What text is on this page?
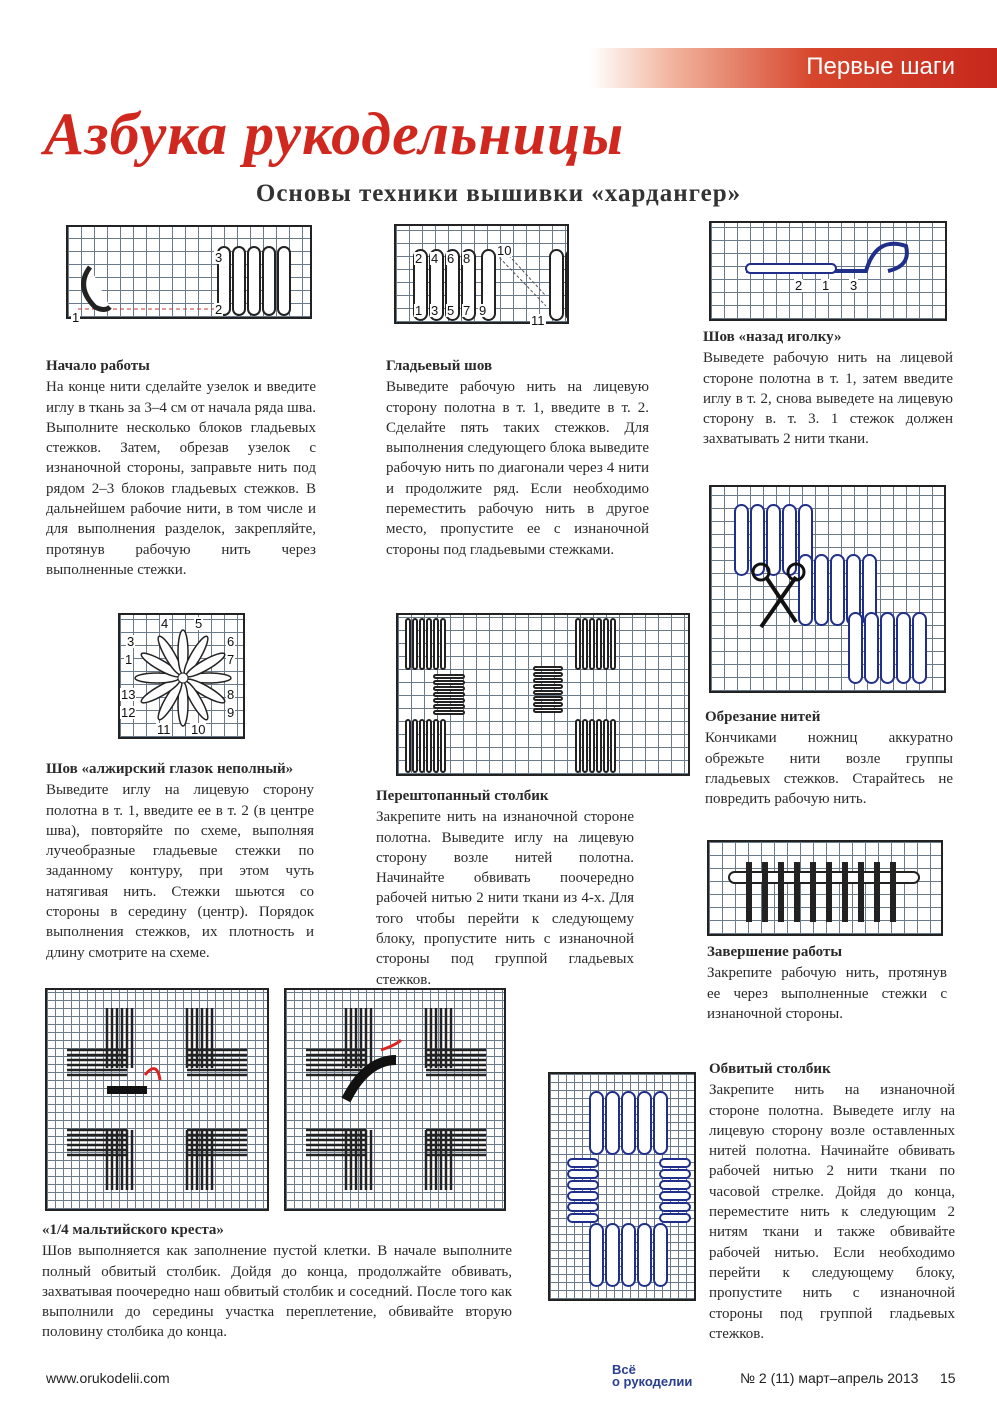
Первые шаги
Азбука рукодельницы
Основы техники вышивки «хардангер»
1
2
3	2 4 6 8
1 3 5 7 9
10
11
2 1 3
4 5
3	6
1	7
13	8
12	9
11 10
Начало работы

На конце нити сделайте узелок и введите иглу в ткань за 3–4 см от начала ряда шва. Выполните несколько блоков гладьевых стежков. Затем, обрезав узелок с изнаночной стороны, заправьте нить под рядом 2–3 блоков гладьевых стежков. В дальнейшем рабочие нити, в том числе и для выполнения разделок, закрепляйте, протянув рабочую нить через выполненные стежки.

Гладьевый шов

Выведите рабочую нить на лицевую сторону полотна в т. 1, введите в т. 2. Сделайте пять таких стежков. Для выполнения следующего блока выведите рабочую нить по диагонали через 4 нити и продолжите ряд. Если необходимо переместить рабочую нить в другое место, пропустите ее с изнаночной стороны под гладьевыми стежками.

Шов «назад иголку»

Выведете рабочую нить на лицевой стороне полотна в т. 1, затем введите иглу в т. 2, снова выведете на лицевую сторону в. т. 3. 1 стежок должен захватывать 2 нити ткани.

Шов «алжирский глазок неполный»

Выведите иглу на лицевую сторону полотна в т. 1, введите ее в т. 2 (в центре шва), повторяйте по схеме, выполняя лучеобразные гладьевые стежки по заданному контуру, при этом чуть натягивая нить. Стежки шьются со стороны в середину (центр). Порядок выполнения стежков, их плотность и длину смотрите на схеме.

Перештопанный столбик

Закрепите нить на изнаночной стороне полотна. Выведите иглу на лицевую сторону возле нитей полотна. Начинайте обвивать поочередно рабочей нитью 2 нити ткани из 4-х. Для того чтобы перейти к следующему блоку, пропустите нить с изнаночной стороны под группой гладьевых стежков.

Обрезание нитей

Кончиками ножниц аккуратно обрежьте нити возле группы гладьевых стежков. Старайтесь не повредить рабочую нить.

Завершение работы

Закрепите рабочую нить, протянув ее через выполненные стежки с изнаночной стороны.

Обвитый столбик

Закрепите нить на изнаночной стороне полотна. Выведете иглу на лицевую сторону возле оставленных нитей полотна. Начинайте обвивать рабочей нитью 2 нити ткани по часовой стрелке. Дойдя до конца, переместите нить к следующим 2 нитям ткани и также обвивайте рабочей нитью. Если необходимо перейти к следующему блоку, пропустите нить с изнаночной стороны под группой гладьевых стежков.

«1/4 мальтийского креста»

Шов выполняется как заполнение пустой клетки. В начале выполните полный обвитый столбик. Дойдя до конца, продолжайте обвивать, захватывая поочередно наш обвитый столбик и соседний. После того как выполнили до середины участка переплетение, обвивайте вторую половину столбика до конца.

www.orukodelii.com
Всё
о рукоделии	№ 2 (11) март–апрель 2013 15
